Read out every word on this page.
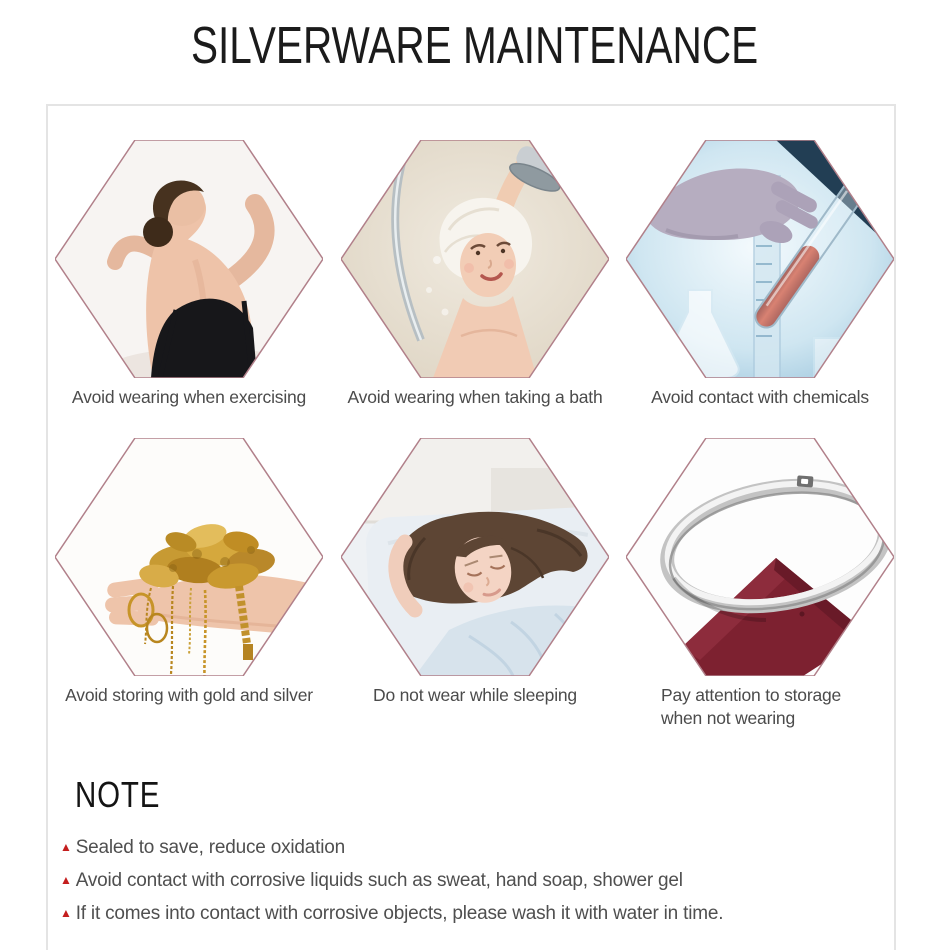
SILVERWARE MAINTENANCE
Avoid wearing when exercising	Avoid wearing when taking a bath	Avoid contact with chemicals
Avoid storing with gold and silver	Do not wear while sleeping	Pay attention to storage when not wearing
NOTE
▲ Sealed to save, reduce oxidation
▲ Avoid contact with corrosive liquids such as sweat, hand soap, shower gel
▲ If it comes into contact with corrosive objects, please wash it with water in time.
